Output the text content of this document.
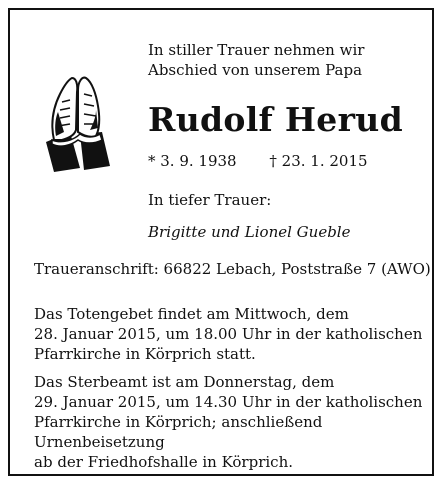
In stiller Trauer nehmen wir
Abschied von unserem Papa
Rudolf Herud
* 3. 9. 1938 † 23. 1. 2015
In tiefer Trauer:
Brigitte und Lionel Gueble
Traueranschrift: 66822 Lebach, Poststraße 7 (AWO)
Das Totengebet findet am Mittwoch, dem
28. Januar 2015, um 18.00 Uhr in der katholischen
Pfarrkirche in Körprich statt.
Das Sterbeamt ist am Donnerstag, dem
29. Januar 2015, um 14.30 Uhr in der katholischen
Pfarrkirche in Körprich; anschließend Urnenbeisetzung
ab der Friedhofshalle in Körprich.
